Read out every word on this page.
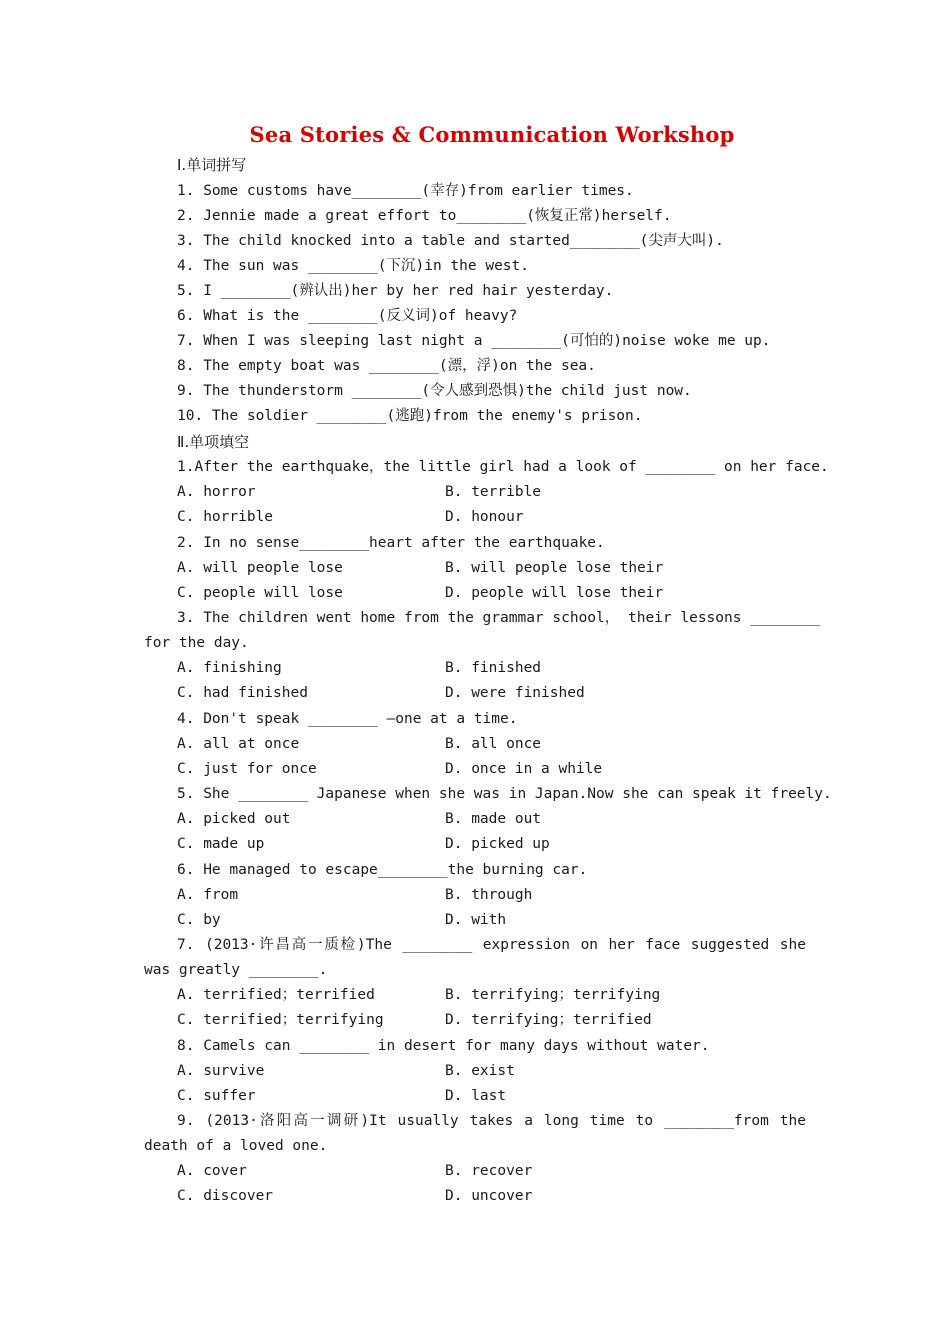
Sea Stories & Communication Workshop
Ⅰ.单词拼写
1. Some customs have________(幸存)from earlier times.
2. Jennie made a great effort to________(恢复正常)herself.
3. The child knocked into a table and started________(尖声大叫).
4. The sun was ________(下沉)in the west.
5. I ________(辨认出)her by her red hair yesterday.
6. What is the ________(反义词)of heavy?
7. When I was sleeping last night a ________(可怕的)noise woke me up.
8. The empty boat was ________(漂，浮)on the sea.
9. The thunderstorm ________(令人感到恐惧)the child just now.
10. The soldier ________(逃跑)from the enemy's prison.
Ⅱ.单项填空
1.After the earthquake，the little girl had a look of ________ on her face.
A. horror	B. terrible
C. horrible	D. honour
2. In no sense________heart after the earthquake.
A. will people lose	B. will people lose their
C. people will lose	D. people will lose their
3. The children went home from the grammar school， their lessons ________
for the day.
A. finishing	B. finished
C. had finished	D. were finished
4. Don't speak ________ —one at a time.
A. all at once	B. all once
C. just for once	D. once in a while
5. She ________ Japanese when she was in Japan.Now she can speak it freely.
A. picked out	B. made out
C. made up	D. picked up
6. He managed to escape________the burning car.
A. from	B. through
C. by	D. with
7. (2013·许昌高一质检)The ________ expression on her face suggested she
was greatly ________.
A. terrified；terrified	B. terrifying；terrifying
C. terrified；terrifying	D. terrifying；terrified
8. Camels can ________ in desert for many days without water.
A. survive	B. exist
C. suffer	D. last
9. (2013·洛阳高一调研)It usually takes a long time to ________from the
death of a loved one.
A. cover	B. recover
C. discover	D. uncover
